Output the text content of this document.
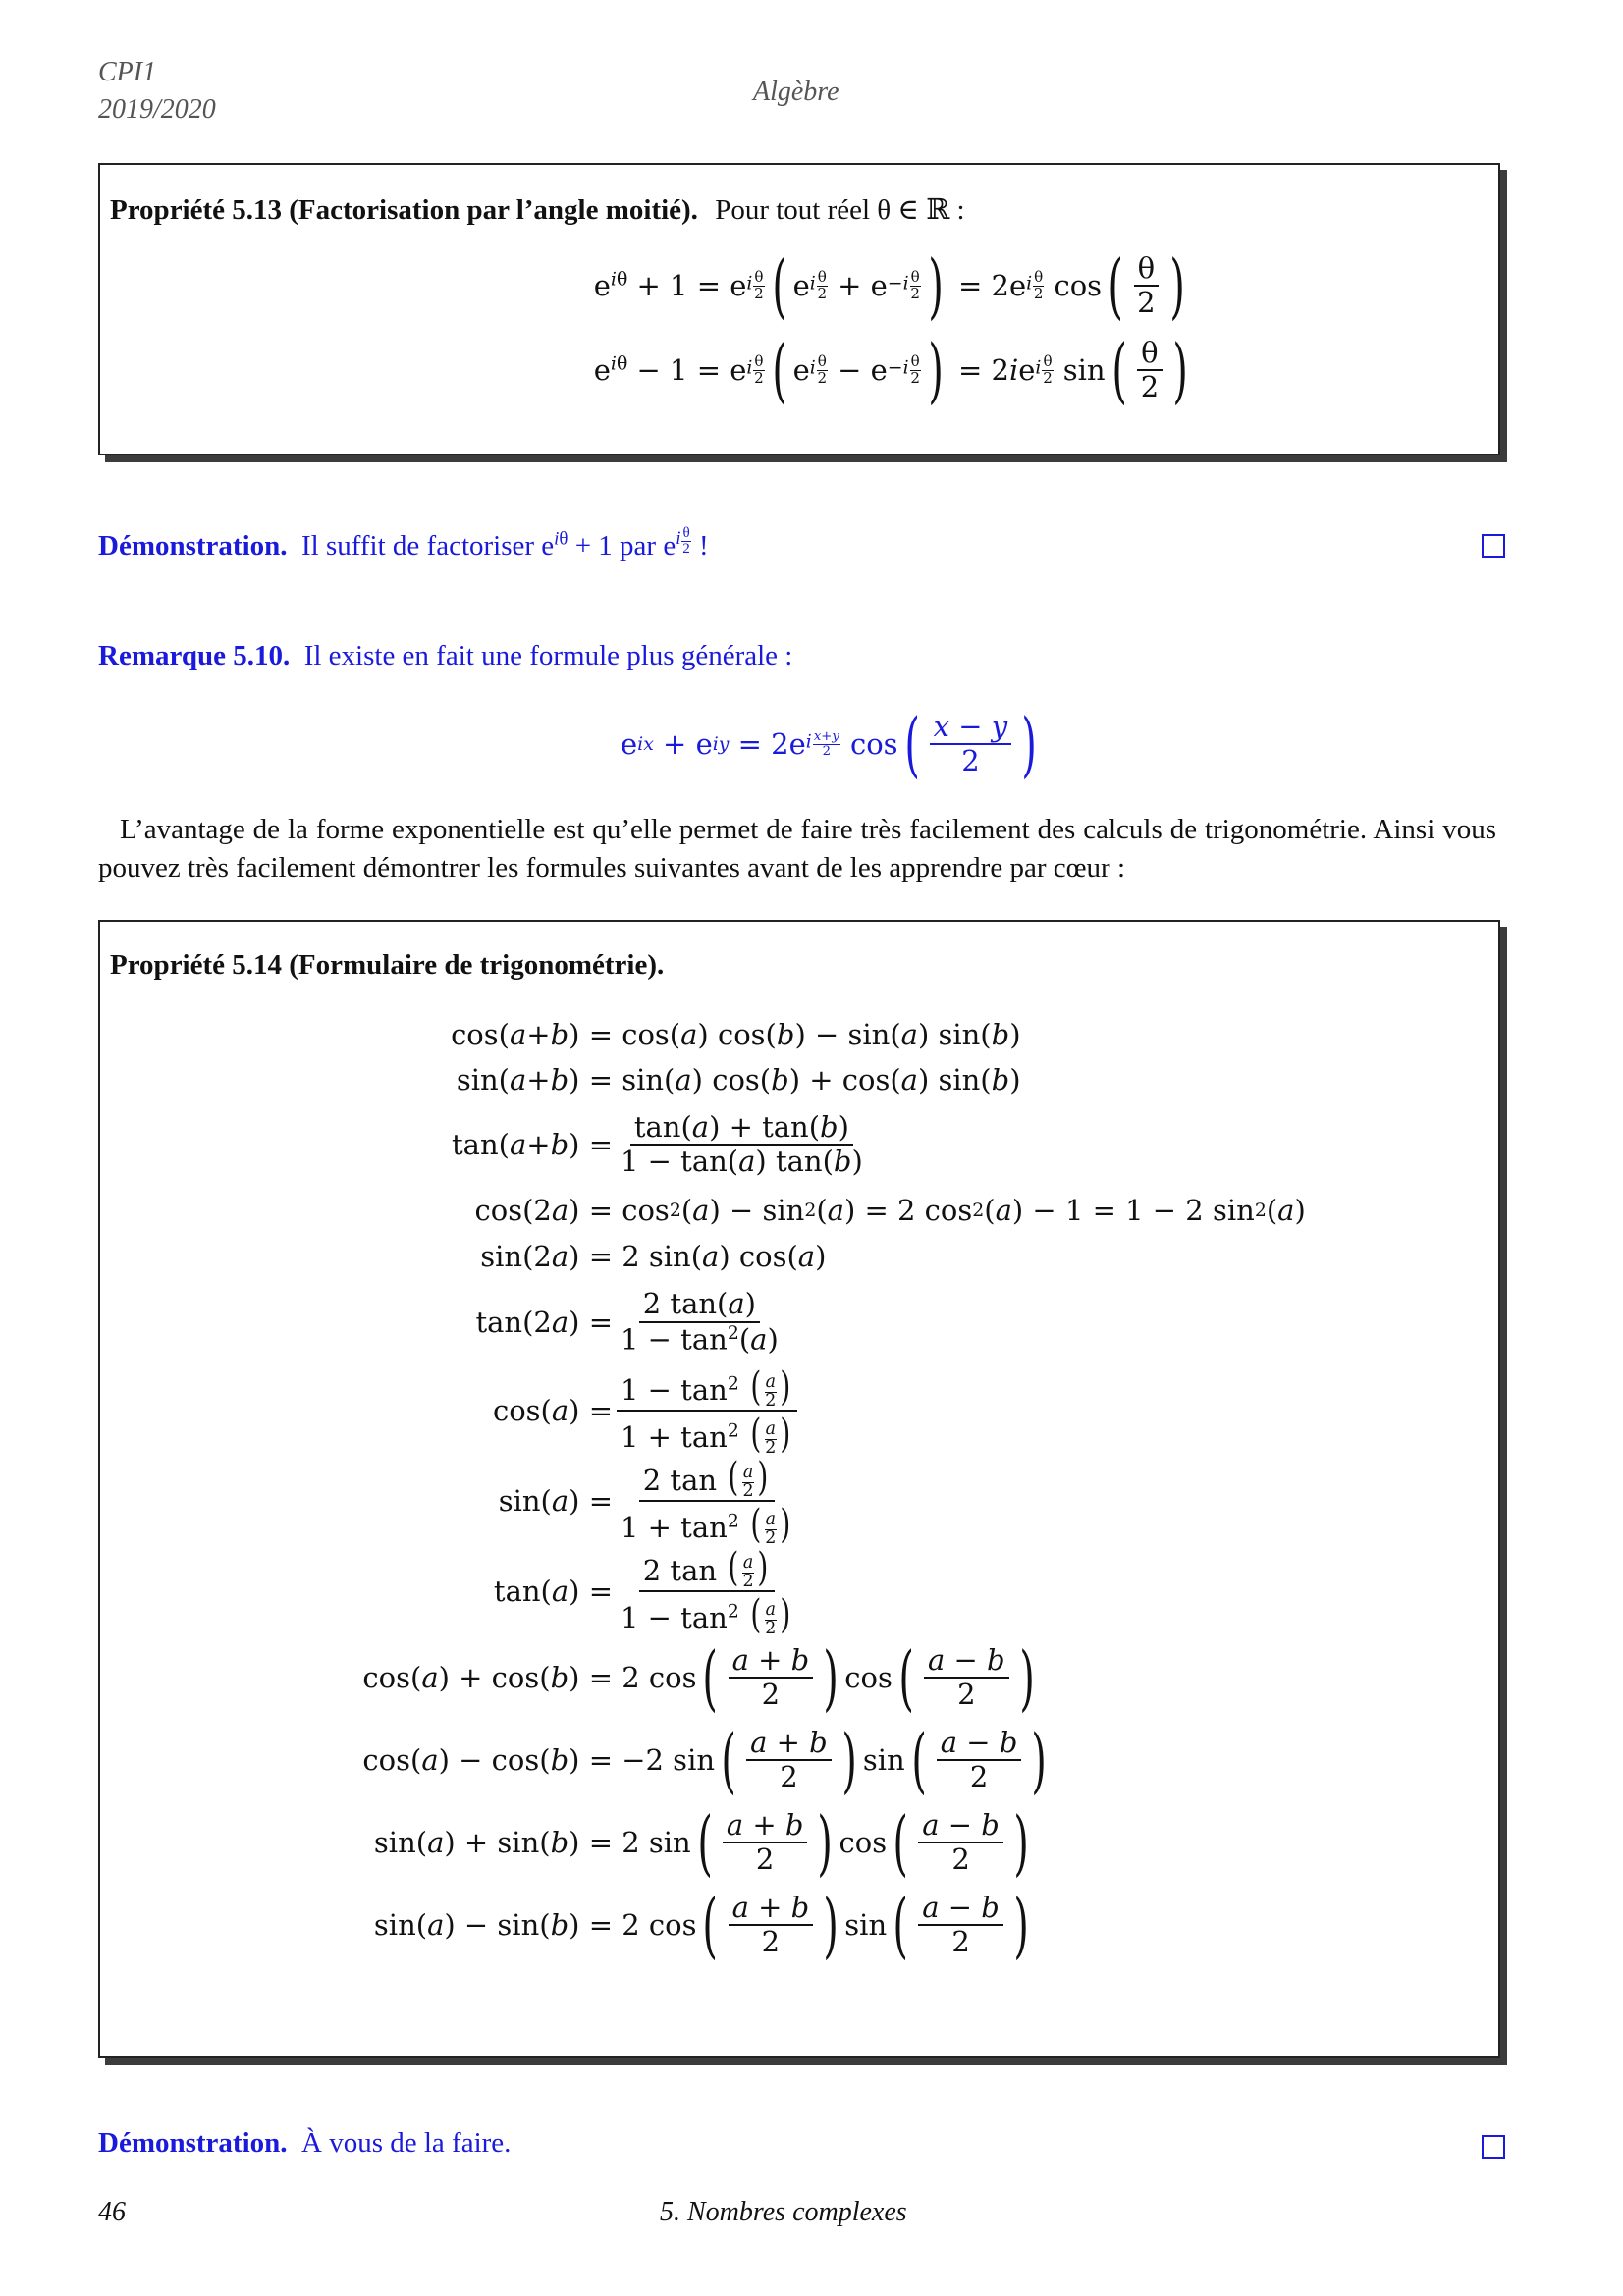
CPI1
2019/2020
Algèbre
Propriété 5.13 (Factorisation par l’angle moitié). Pour tout réel θ ∈ ℝ :
$e^{i\theta} + 1 = e$ i $\frac{\theta}{2}$ ( e i $\frac{\theta}{2} + e -i \frac{\theta}{2}$ ) = 2e i $\frac{\theta}{2}$ cos ( $\frac{\theta}{2}$ )
$e^{i\theta} - 1 = e$ i $\frac{\theta}{2}$ ( e i $\frac{\theta}{2} - e -i \frac{\theta}{2}$ ) = 2 i e i $\frac{\theta}{2}$ sin ( $\frac{\theta}{2}$ )
Démonstration. Il suffit de factoriser $e^{i\theta} + 1$ par $e^{i \frac{\theta}{2}}$ !
Remarque 5.10. Il existe en fait une formule plus générale :
e ix + e iy = 2e i $\frac{x+y}{2}$ cos ( $\frac{x - y}{2}$ )
L’avantage de la forme exponentielle est qu’elle permet de faire très facilement des calculs de trigonométrie. Ainsi vous pouvez très facilement démontrer les formules suivantes avant de les apprendre par cœur :
Propriété 5.14 (Formulaire de trigonométrie).
cos(a+b) = cos( a ) cos( b ) − sin( a ) sin( b )
sin(a+b) = sin( a ) cos( b ) + cos( a ) sin( b )
$\tan(a+b) = \frac{\tan(a) + \tan(b)}{1 - \tan(a) \tan(b)}$
cos(2a) = cos 2 ( a ) − sin 2 ( a ) = 2 cos 2 ( a ) − 1 = 1 − 2 sin 2 ( a )
sin(2a) = 2 sin( a ) cos( a )
$\tan(2a) = \frac{2 \tan(a)}{1 - \tan^2(a)}$
$\cos(a) = \frac{1 - \tan^2 ( \frac{a}{2} )}{1 + \tan^2 ( \frac{a}{2} )}$
$\sin(a) = \frac{2 \tan ( \frac{a}{2} )}{1 + \tan^2 ( \frac{a}{2} )}$
$\tan(a) = \frac{2 \tan ( \frac{a}{2} )}{1 - \tan^2 ( \frac{a}{2} )}$
cos(a) + cos(b) = 2 cos ( $\frac{a + b}{2}$ ) cos ( $\frac{a - b}{2}$ )
cos(a) − cos(b) = −2 sin ( $\frac{a + b}{2}$ ) sin ( $\frac{a - b}{2}$ )
sin(a) + sin(b) = 2 sin ( $\frac{a + b}{2}$ ) cos ( $\frac{a - b}{2}$ )
sin(a) − sin(b) = 2 cos ( $\frac{a + b}{2}$ ) sin ( $\frac{a - b}{2}$ )
Démonstration. À vous de la faire.
46	5. Nombres complexes
